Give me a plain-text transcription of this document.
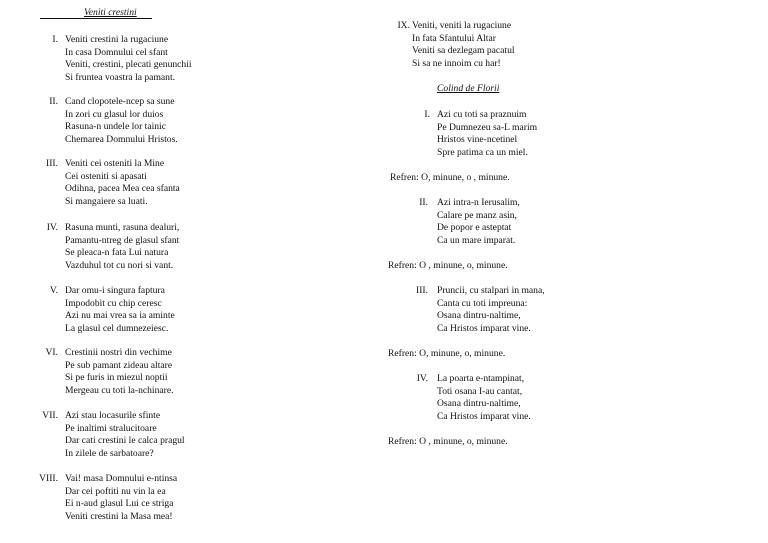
Veniti crestini
I. Veniti crestini la rugaciune
In casa Domnului cel sfant
Veniti, crestini, plecati genunchii
Si fruntea voastra la pamant.
II. Cand clopotele-ncep sa sune
In zori cu glasul lor duios
Rasuna-n undele lor tainic
Chemarea Domnului Hristos.
III. Veniti cei osteniti la Mine
Cei osteniti si apasati
Odihna, pacea Mea cea sfanta
Si mangaiere sa luati.
IV. Rasuna munti, rasuna dealuri,
Pamantu-ntreg de glasul sfant
Se pleaca-n fata Lui natura
Vazduhul tot cu nori si vant.
V. Dar omu-i singura faptura
Impodobit cu chip ceresc
Azi nu mai vrea sa ia aminte
La glasul cel dumnezeiesc.
VI. Crestinii nostri din vechime
Pe sub pamant zideau altare
Si pe furis in miezul noptii
Mergeau cu toti la-nchinare.
VII. Azi stau locasurile sfinte
Pe inaltimi stralucitoare
Dar cati crestini le calca pragul
In zilele de sarbatoare?
VIII. Vai! masa Domnului e-ntinsa
Dar cei poftiti nu vin la ea
Ei n-aud glasul Lui ce striga
Veniti crestini la Masa mea!
IX. Veniti, veniti la rugaciune
In fata Sfantului Altar
Veniti sa dezlegam pacatul
Si sa ne innoim cu har!
Colind de Florii
I. Azi cu toti sa praznuim
Pe Dumnezeu sa-L marim
Hristos vine-ncetinel
Spre patima ca un miel.
II. Azi intra-n Ierusalim,
Calare pe manz asin,
De popor e asteptat
Ca un mare imparat.
III. Pruncii, cu stalpari in mana,
Canta cu toti impreuna:
Osana dintru-naltime,
Ca Hristos imparat vine.
IV. La poarta e-ntampinat,
Toti osana I-au cantat,
Osana dintru-naltime,
Ca Hristos imparat vine.
Refren: O, minune, o , minune.
Refren: O , minune, o, minune.
Refren: O, minune, o, minune.
Refren: O , minune, o, minune.
